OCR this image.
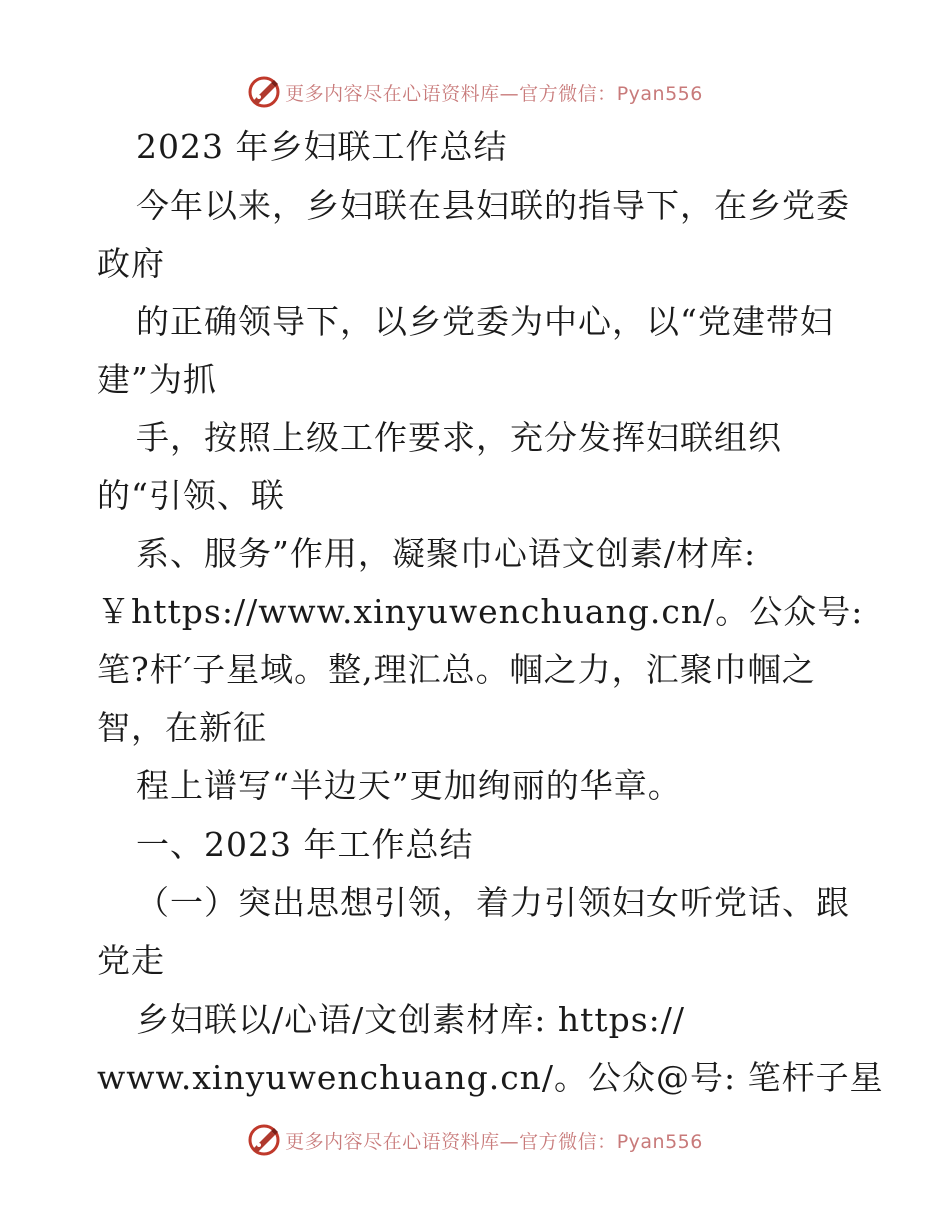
更多内容尽在心语资料库—官方微信：Pyan556
2023 年乡妇联工作总结
今年以来，乡妇联在县妇联的指导下，在乡党委
政府
的正确领导下，以乡党委为中心，以“党建带妇
建”为抓
手，按照上级工作要求，充分发挥妇联组织
的“引领、联
系、服务”作用，凝聚巾心语文创素/材库:
￥https://www.xinyuwenchuang.cn/。公众号:
笔?杆′子星域。整,理汇总。帼之力，汇聚巾帼之
智，在新征
程上谱写“半边天”更加绚丽的华章。
一、2023 年工作总结
（一）突出思想引领，着力引领妇女听党话、跟
党走
乡妇联以/心语/文创素材库: https://
www.xinyuwenchuang.cn/。公众@号: 笔杆子星
更多内容尽在心语资料库—官方微信：Pyan556
